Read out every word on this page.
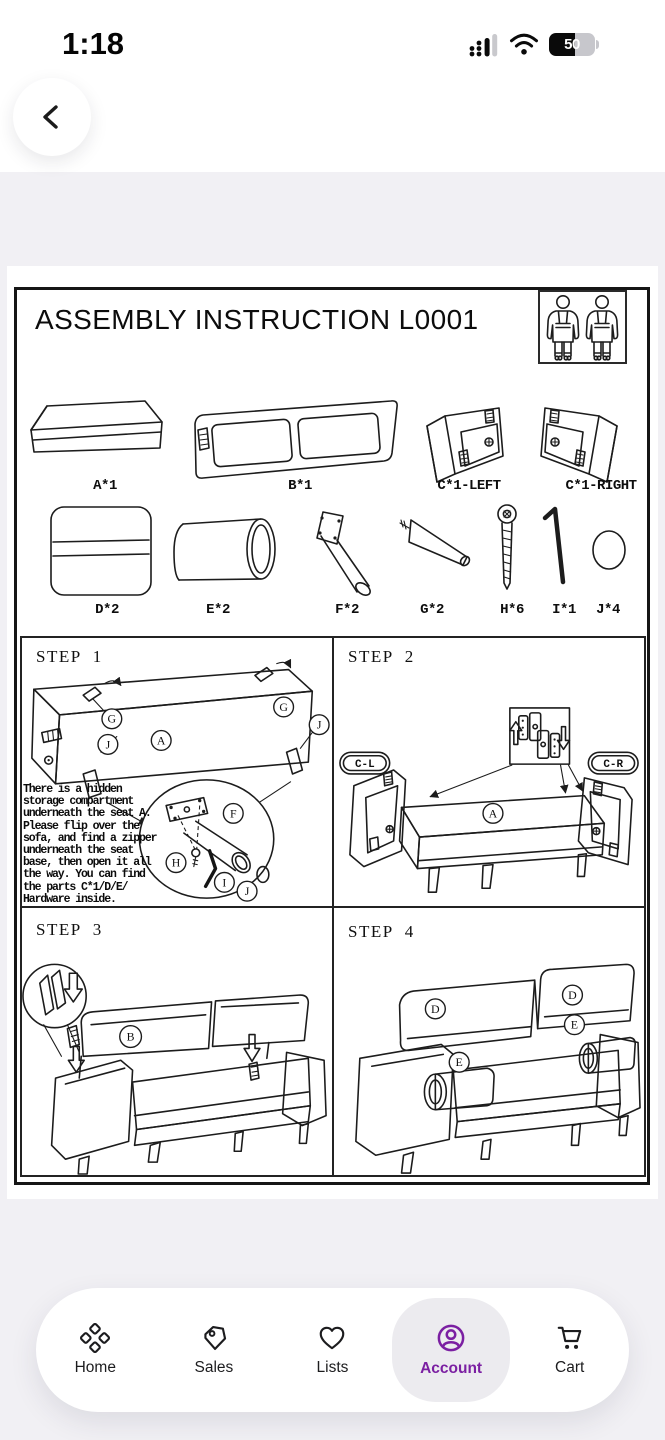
1:18	50
ASSEMBLY INSTRUCTION L0001
A*1	B*1	C*1-LEFT	C*1-RIGHT
D*2	E*2	F*2	G*2	H*6 I*1 J*4
STEP 1
G
J	A
G
J
F
H
I
J
There is a hidden
storage compartment
underneath the seat A.
Please flip over the
sofa, and find a zipper
underneath the seat
base, then open it all
the way. You can find
the parts C*1/D/E/
Hardware inside.
STEP 2
C-L	C-R
A
STEP 3
B
STEP 4
D
D
E
E
Home	Sales	Lists	Account	Cart
